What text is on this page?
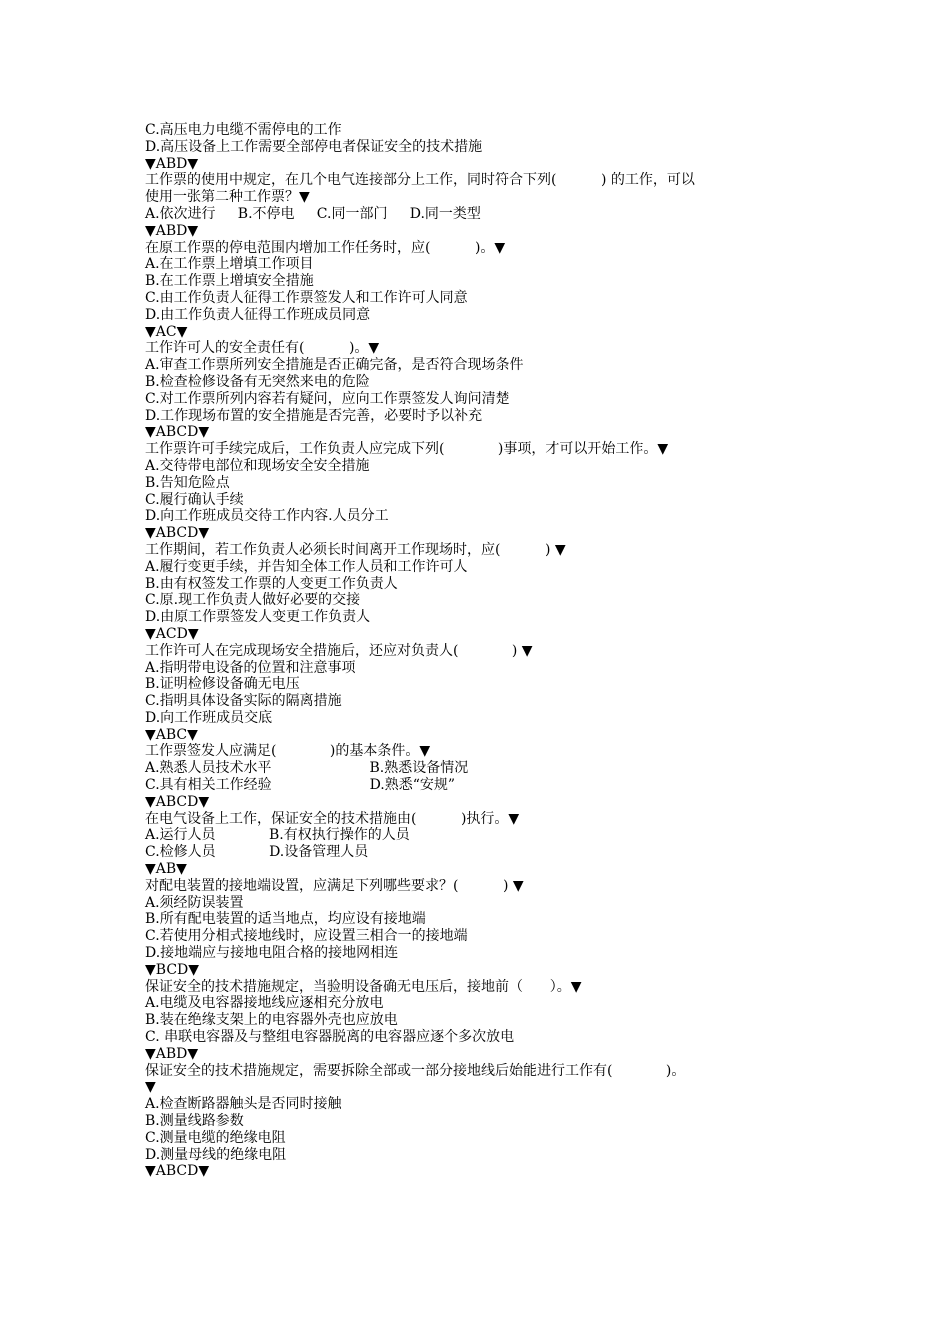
C.高压电力电缆不需停电的工作
D.高压设备上工作需要全部停电者保证安全的技术措施
▼ABD▼
工作票的使用中规定，在几个电气连接部分上工作，同时符合下列(          ) 的工作，可以
使用一张第二种工作票？▼
A.依次进行     B.不停电     C.同一部门     D.同一类型
▼ABD▼
在原工作票的停电范围内增加工作任务时，应(          )。▼
A.在工作票上增填工作项目
B.在工作票上增填安全措施
C.由工作负责人征得工作票签发人和工作许可人同意
D.由工作负责人征得工作班成员同意
▼AC▼
工作许可人的安全责任有(          )。▼
A.审查工作票所列安全措施是否正确完备，是否符合现场条件
B.检查检修设备有无突然来电的危险
C.对工作票所列内容若有疑问，应向工作票签发人询问清楚
D.工作现场布置的安全措施是否完善，必要时予以补充
▼ABCD▼
工作票许可手续完成后，工作负责人应完成下列(            )事项，才可以开始工作。▼
A.交待带电部位和现场安全安全措施
B.告知危险点
C.履行确认手续
D.向工作班成员交待工作内容.人员分工
▼ABCD▼
工作期间，若工作负责人必须长时间离开工作现场时，应(          ) ▼
A.履行变更手续，并告知全体工作人员和工作许可人
B.由有权签发工作票的人变更工作负责人
C.原.现工作负责人做好必要的交接
D.由原工作票签发人变更工作负责人
▼ACD▼
工作许可人在完成现场安全措施后，还应对负责人(            ) ▼
A.指明带电设备的位置和注意事项
B.证明检修设备确无电压
C.指明具体设备实际的隔离措施
D.向工作班成员交底
▼ABC▼
工作票签发人应满足(            )的基本条件。▼
A.熟悉人员技术水平                      B.熟悉设备情况
C.具有相关工作经验                      D.熟悉“安规”
▼ABCD▼
在电气设备上工作，保证安全的技术措施由(          )执行。▼
A.运行人员            B.有权执行操作的人员
C.检修人员            D.设备管理人员
▼AB▼
对配电装置的接地端设置，应满足下列哪些要求？(          ) ▼
A.须经防误装置
B.所有配电装置的适当地点，均应设有接地端
C.若使用分相式接地线时，应设置三相合一的接地端
D.接地端应与接地电阻合格的接地网相连
▼BCD▼
保证安全的技术措施规定，当验明设备确无电压后，接地前（      ）。▼
A.电缆及电容器接地线应逐相充分放电
B.装在绝缘支架上的电容器外壳也应放电
C. 串联电容器及与整组电容器脱离的电容器应逐个多次放电
▼ABD▼
保证安全的技术措施规定，需要拆除全部或一部分接地线后始能进行工作有(            )。
▼
A.检查断路器触头是否同时接触
B.测量线路参数
C.测量电缆的绝缘电阻
D.测量母线的绝缘电阻
▼ABCD▼
